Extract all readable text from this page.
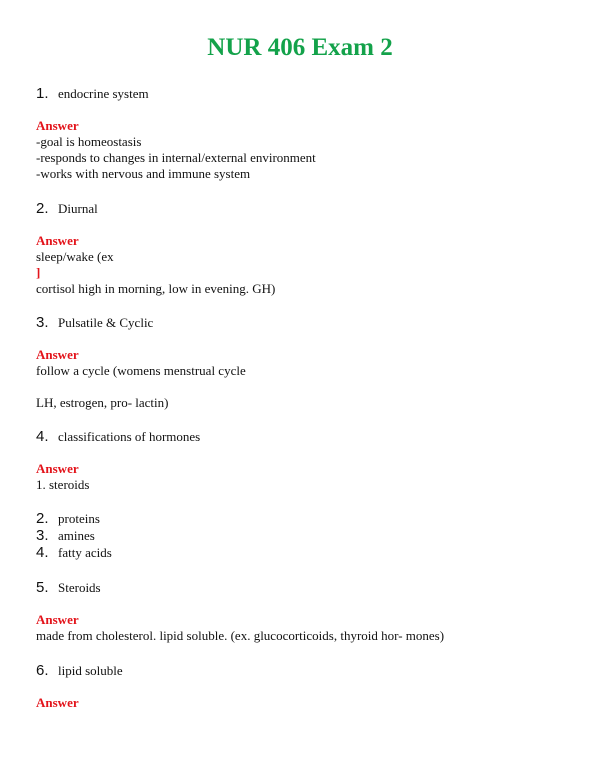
NUR 406 Exam 2
1. endocrine system
Answer
-goal is homeostasis
-responds to changes in internal/external environment
-works with nervous and immune system
2. Diurnal
Answer
sleep/wake (ex
]
cortisol high in morning, low in evening. GH)
3. Pulsatile & Cyclic
Answer
follow a cycle (womens menstrual cycle
LH, estrogen, pro- lactin)
4. classifications of hormones
Answer
1. steroids
2. proteins
3. amines
4. fatty acids
5. Steroids
Answer
made from cholesterol. lipid soluble. (ex. glucocorticoids, thyroid hor- mones)
6. lipid soluble
Answer
